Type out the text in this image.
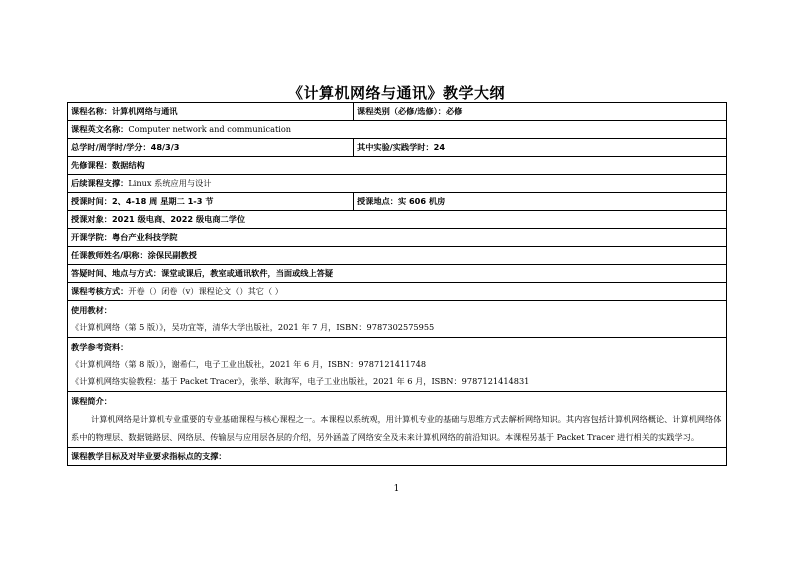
《计算机网络与通讯》教学大纲
课程名称：计算机网络与通讯	课程类别（必修/选修）：必修
课程英文名称：Computer network and communication
总学时/周学时/学分：48/3/3	其中实验/实践学时：24
先修课程：数据结构
后续课程支撑：Linux 系统应用与设计
授课时间：2、4-18 周 星期二 1-3 节	授课地点：实 606 机房
授课对象：2021 级电商、2022 级电商二学位
开课学院：粤台产业科技学院
任课教师姓名/职称：涂保民副教授
答疑时间、地点与方式：课堂或课后，教室或通讯软件，当面或线上答疑
课程考核方式：开卷（）闭卷（v）课程论文（）其它（ ）
使用教材：
《计算机网络（第 5 版）》，吴功宜等，清华大学出版社，2021 年 7 月，ISBN：9787302575955
教学参考资料：
《计算机网络（第 8 版）》，谢希仁，电子工业出版社，2021 年 6 月，ISBN：9787121411748
《计算机网络实验教程：基于 Packet Tracer》，张举、耿海军，电子工业出版社，2021 年 6 月，ISBN：9787121414831
课程简介：
计算机网络是计算机专业重要的专业基础课程与核心课程之一。本课程以系统观，用计算机专业的基础与思维方式去解析网络知识。其内容包括计算机网络概论、计算机网络体系中的物理层、数据链路层、网络层、传输层与应用层各层的介绍，另外涵盖了网络安全及未来计算机网络的前沿知识。本课程另基于 Packet Tracer 进行相关的实践学习。
课程教学目标及对毕业要求指标点的支撑：
1
